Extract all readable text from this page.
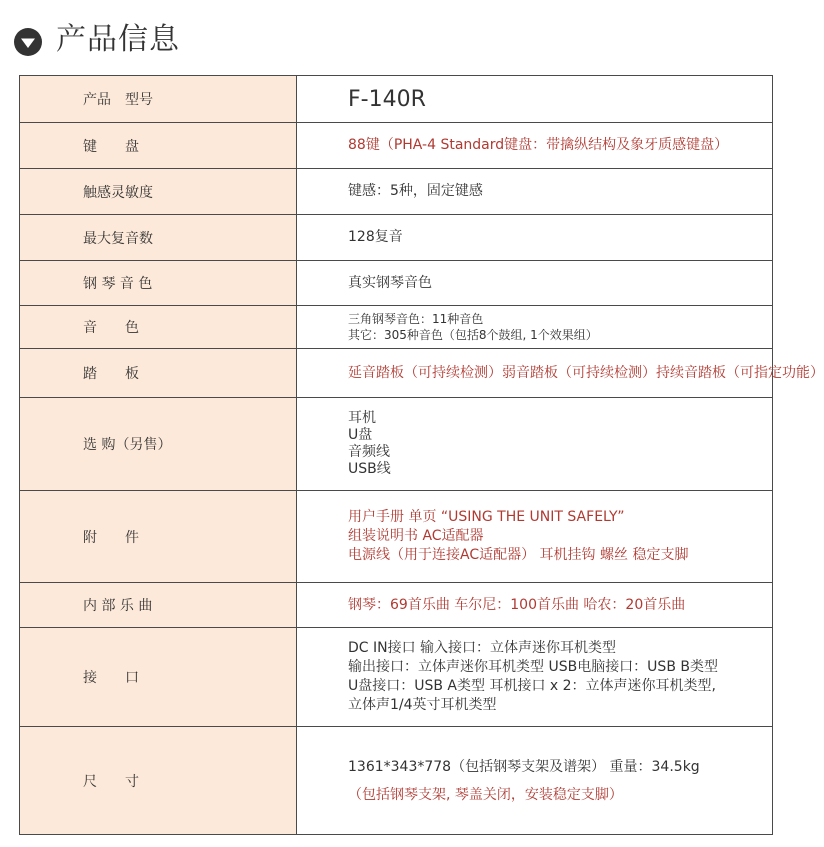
产品信息
产品　型号	F-140R

键　　盘	88键（PHA-4 Standard键盘：带擒纵结构及象牙质感键盘）

触感灵敏度	键感：5种，固定键感

最大复音数	128复音

钢 琴 音 色	真实钢琴音色

音　　色	三角钢琴音色：11种音色
其它：305种音色（包括8个鼓组, 1个效果组）

踏　　板	延音踏板（可持续检测）弱音踏板（可持续检测）持续音踏板（可指定功能）

选 购（另售）	耳机
U盘
音频线
USB线

附　　件	用户手册 单页 “USING THE UNIT SAFELY”
组装说明书 AC适配器
电源线（用于连接AC适配器） 耳机挂钩 螺丝 稳定支脚

内 部 乐 曲	钢琴：69首乐曲 车尔尼：100首乐曲 哈农：20首乐曲

接　　口	DC IN接口 输入接口：立体声迷你耳机类型
输出接口：立体声迷你耳机类型 USB电脑接口：USB B类型
U盘接口：USB A类型 耳机接口 x 2：立体声迷你耳机类型,
立体声1/4英寸耳机类型

尺　　寸	1361*343*778（包括钢琴支架及谱架） 重量：34.5kg
（包括钢琴支架, 琴盖关闭，安装稳定支脚）
